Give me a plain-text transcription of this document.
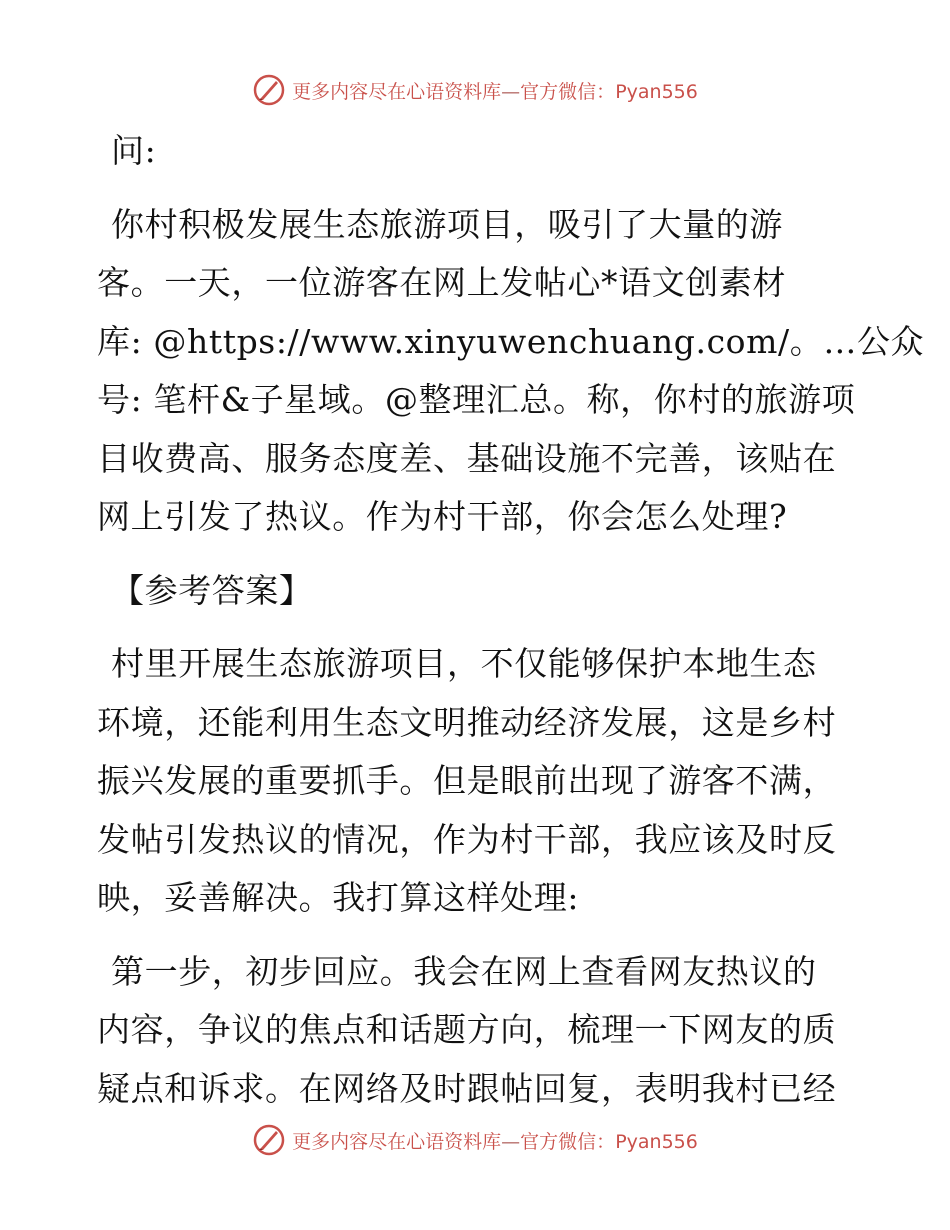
更多内容尽在心语资料库—官方微信：Pyan556
问:
你村积极发展生态旅游项目，吸引了大量的游
客。一天，一位游客在网上发帖心*语文创素材
库: @https://www.xinyuwenchuang.com/。…公众
号: 笔杆&子星域。@整理汇总。称，你村的旅游项
目收费高、服务态度差、基础设施不完善，该贴在
网上引发了热议。作为村干部，你会怎么处理?
【参考答案】
村里开展生态旅游项目，不仅能够保护本地生态
环境，还能利用生态文明推动经济发展，这是乡村
振兴发展的重要抓手。但是眼前出现了游客不满，
发帖引发热议的情况，作为村干部，我应该及时反
映，妥善解决。我打算这样处理:
第一步，初步回应。我会在网上查看网友热议的
内容，争议的焦点和话题方向，梳理一下网友的质
疑点和诉求。在网络及时跟帖回复，表明我村已经
更多内容尽在心语资料库—官方微信：Pyan556
